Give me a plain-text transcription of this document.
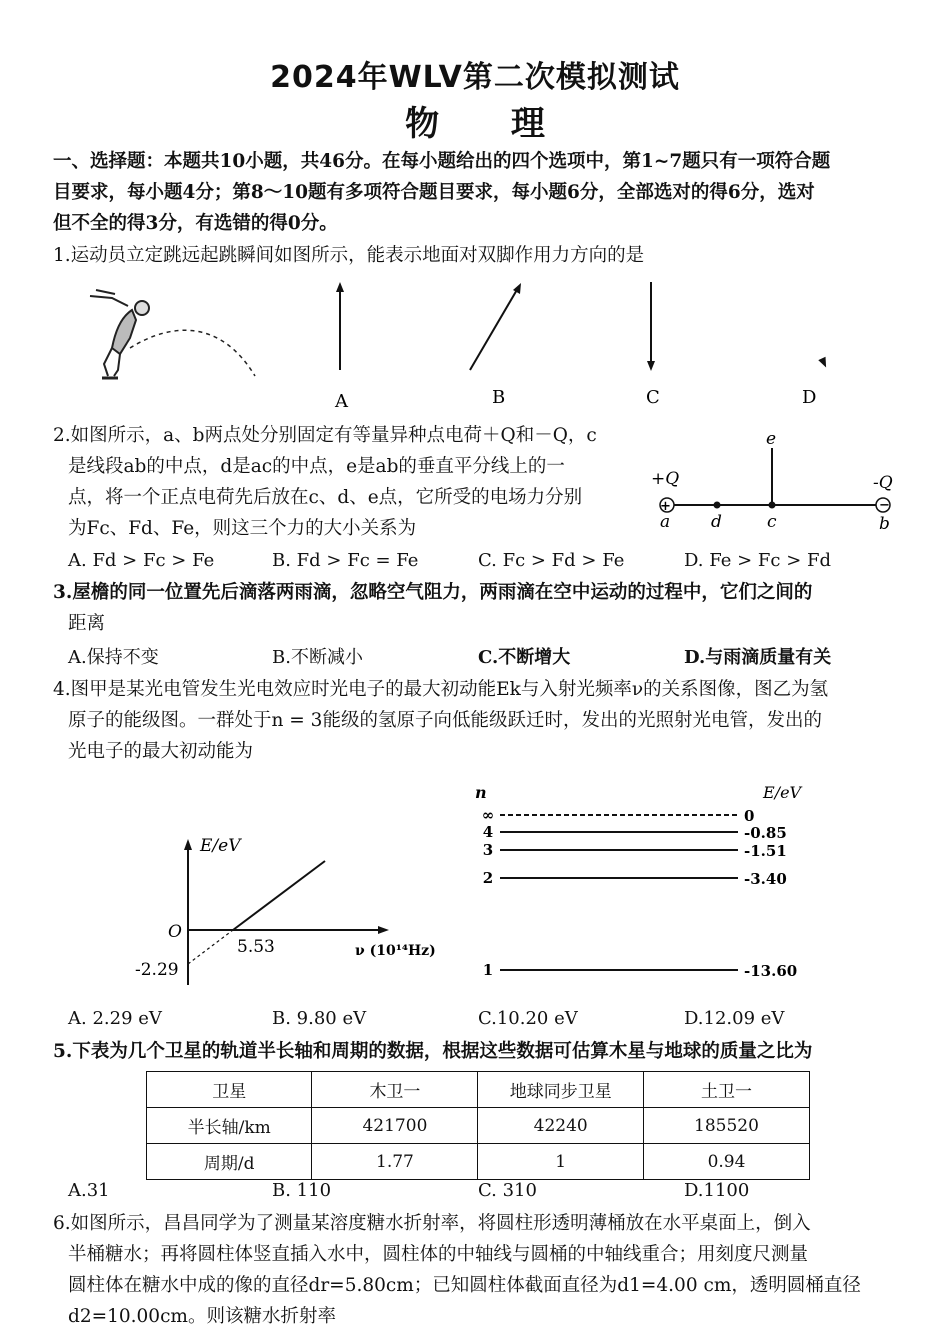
2024年WLV第二次模拟测试
物 理
一、选择题：本题共10小题，共46分。在每小题给出的四个选项中，第1~7题只有一项符合题
目要求，每小题4分；第8～10题有多项符合题目要求，每小题6分，全部选对的得6分，选对
但不全的得3分，有选错的得0分。
1.运动员立定跳远起跳瞬间如图所示，能表示地面对双脚作用力方向的是
A	B	C	D
2.如图所示，a、b两点处分别固定有等量异种点电荷＋Q和－Q，c
是线段ab的中点，d是ac的中点，e是ab的垂直平分线上的一
点，将一个正点电荷先后放在c、d、e点，它所受的电场力分别
为Fc、Fd、Fe，则这三个力的大小关系为
+	−
+Q	-Q
a d	c	b
e
A. Fd > Fc > Fe	B. Fd > Fc = Fe	C. Fc > Fd > Fe	D. Fe > Fc > Fd
3.屋檐的同一位置先后滴落两雨滴，忽略空气阻力，两雨滴在空中运动的过程中，它们之间的
距离
A.保持不变	B.不断减小	C.不断增大	D.与雨滴质量有关
4.图甲是某光电管发生光电效应时光电子的最大初动能Ek与入射光频率ν的关系图像，图乙为氢
原子的能级图。一群处于n = 3能级的氢原子向低能级跃迁时，发出的光照射光电管，发出的
光电子的最大初动能为
E/eV
O
5.53
-2.29
ν (10¹⁴Hz)
n	E/eV
∞	0
4	-0.85
3	-1.51
2	-3.40
1	-13.60
A. 2.29 eV	B. 9.80 eV	C.10.20 eV	D.12.09 eV
5.下表为几个卫星的轨道半长轴和周期的数据，根据这些数据可估算木星与地球的质量之比为
卫星	木卫一	地球同步卫星	土卫一
半长轴/km	421700	42240	185520
周期/d	1.77	1	0.94
A.31	B. 110	C. 310	D.1100
6.如图所示，昌昌同学为了测量某溶度糖水折射率，将圆柱形透明薄桶放在水平桌面上，倒入
半桶糖水；再将圆柱体竖直插入水中，圆柱体的中轴线与圆桶的中轴线重合；用刻度尺测量
圆柱体在糖水中成的像的直径dr=5.80cm；已知圆柱体截面直径为d1=4.00 cm，透明圆桶直径
d2=10.00cm。则该糖水折射率
